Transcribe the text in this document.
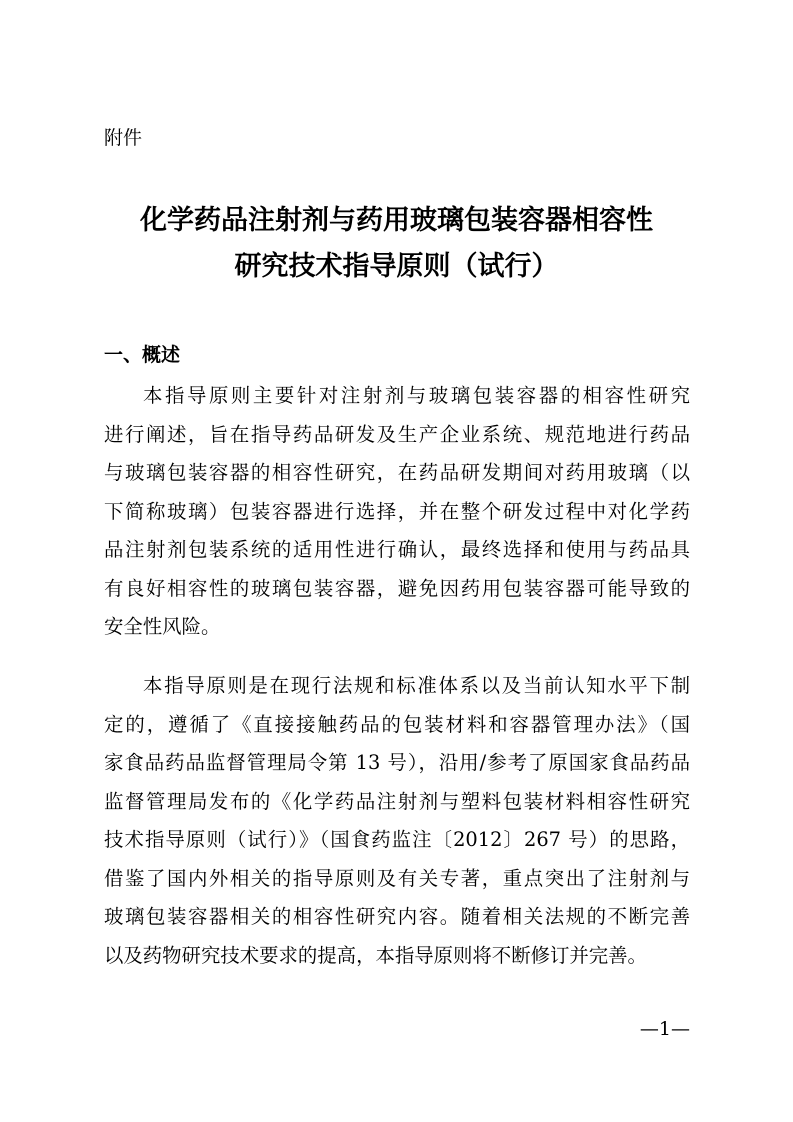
附件

化学药品注射剂与药用玻璃包装容器相容性
研究技术指导原则（试行）
一、概述
本指导原则主要针对注射剂与玻璃包装容器的相容性研究
进行阐述，旨在指导药品研发及生产企业系统、规范地进行药品
与玻璃包装容器的相容性研究，在药品研发期间对药用玻璃（以
下简称玻璃）包装容器进行选择，并在整个研发过程中对化学药
品注射剂包装系统的适用性进行确认，最终选择和使用与药品具
有良好相容性的玻璃包装容器，避免因药用包装容器可能导致的
安全性风险。
本指导原则是在现行法规和标准体系以及当前认知水平下制
定的，遵循了《直接接触药品的包装材料和容器管理办法》（国
家食品药品监督管理局令第 13 号），沿用/参考了原国家食品药品
监督管理局发布的《化学药品注射剂与塑料包装材料相容性研究
技术指导原则（试行）》（国食药监注〔2012〕267 号）的思路，
借鉴了国内外相关的指导原则及有关专著，重点突出了注射剂与
玻璃包装容器相关的相容性研究内容。随着相关法规的不断完善
以及药物研究技术要求的提高，本指导原则将不断修订并完善。

—1—
